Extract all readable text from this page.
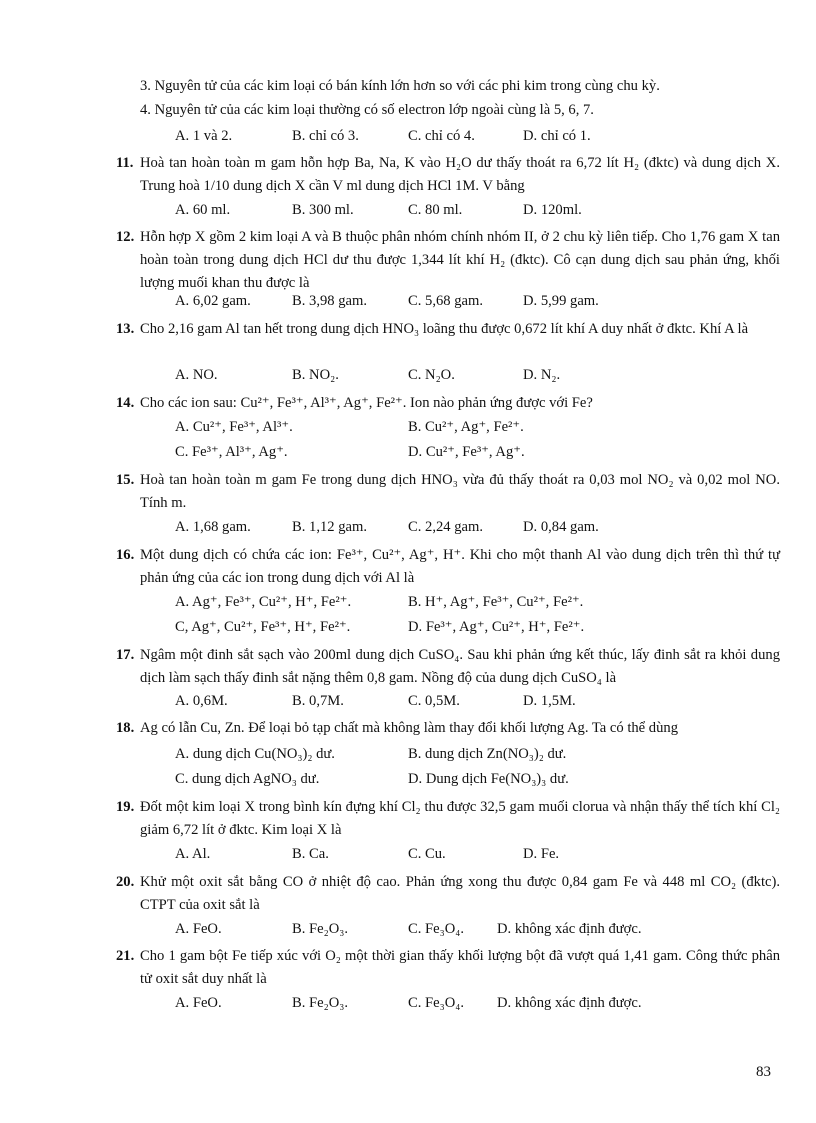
3. Nguyên tử của các kim loại có bán kính lớn hơn so với các phi kim trong cùng chu kỳ.
4. Nguyên tử của các kim loại thường có số electron lớp ngoài cùng là 5, 6, 7.
A. 1 và 2.	B. chỉ có 3.	C. chỉ có 4.	D. chỉ có 1.
11. Hoà tan hoàn toàn m gam hỗn hợp Ba, Na, K vào H₂O dư thấy thoát ra 6,72 lít H₂ (đktc) và dung dịch X. Trung hoà 1/10 dung dịch X cần V ml dung dịch HCl 1M. V bằng
A. 60 ml.	B. 300 ml.	C. 80 ml.	D. 120ml.
12. Hỗn hợp X gồm 2 kim loại A và B thuộc phân nhóm chính nhóm II, ở 2 chu kỳ liên tiếp. Cho 1,76 gam X tan hoàn toàn trong dung dịch HCl dư thu được 1,344 lít khí H₂ (đktc). Cô cạn dung dịch sau phản ứng, khối lượng muối khan thu được là
A. 6,02 gam.	B. 3,98 gam.	C. 5,68 gam.	D. 5,99 gam.
13. Cho 2,16 gam Al tan hết trong dung dịch HNO₃ loãng thu được 0,672 lít khí A duy nhất ở đktc. Khí A là
A. NO.	B. NO₂.	C. N₂O.	D. N₂.
14. Cho các ion sau: Cu²⁺, Fe³⁺, Al³⁺, Ag⁺, Fe²⁺. Ion nào phản ứng được với Fe?
A. Cu²⁺, Fe³⁺, Al³⁺.	B. Cu²⁺, Ag⁺, Fe²⁺.
C. Fe³⁺, Al³⁺, Ag⁺.	D. Cu²⁺, Fe³⁺, Ag⁺.
15. Hoà tan hoàn toàn m gam Fe trong dung dịch HNO₃ vừa đủ thấy thoát ra 0,03 mol NO₂ và 0,02 mol NO. Tính m.
A. 1,68 gam.	B. 1,12 gam.	C. 2,24 gam.	D. 0,84 gam.
16. Một dung dịch có chứa các ion: Fe³⁺, Cu²⁺, Ag⁺, H⁺. Khi cho một thanh Al vào dung dịch trên thì thứ tự phản ứng của các ion trong dung dịch với Al là
A. Ag⁺, Fe³⁺, Cu²⁺, H⁺, Fe²⁺.	B. H⁺, Ag⁺, Fe³⁺, Cu²⁺, Fe²⁺.
C, Ag⁺, Cu²⁺, Fe³⁺, H⁺, Fe²⁺.	D. Fe³⁺, Ag⁺, Cu²⁺, H⁺, Fe²⁺.
17. Ngâm một đinh sắt sạch vào 200ml dung dịch CuSO₄. Sau khi phản ứng kết thúc, lấy đinh sắt ra khỏi dung dịch làm sạch thấy đinh sắt nặng thêm 0,8 gam. Nồng độ của dung dịch CuSO₄ là
A. 0,6M.	B. 0,7M.	C. 0,5M.	D. 1,5M.
18. Ag có lẫn Cu, Zn. Để loại bỏ tạp chất mà không làm thay đổi khối lượng Ag. Ta có thể dùng
A. dung dịch Cu(NO₃)₂ dư.	B. dung dịch Zn(NO₃)₂ dư.
C. dung dịch AgNO₃ dư.	D. Dung dịch Fe(NO₃)₃ dư.
19. Đốt một kim loại X trong bình kín đựng khí Cl₂ thu được 32,5 gam muối clorua và nhận thấy thể tích khí Cl₂ giảm 6,72 lít ở đktc. Kim loại X là
A. Al.	B. Ca.	C. Cu.	D. Fe.
20. Khử một oxit sắt bằng CO ở nhiệt độ cao. Phản ứng xong thu được 0,84 gam Fe và 448 ml CO₂ (đktc). CTPT của oxit sắt là
A. FeO.	B. Fe₂O₃.	C. Fe₃O₄. D. không xác định được.
21. Cho 1 gam bột Fe tiếp xúc với O₂ một thời gian thấy khối lượng bột đã vượt quá 1,41 gam. Công thức phân tử oxit sắt duy nhất là
A. FeO.	B. Fe₂O₃.	C. Fe₃O₄. D. không xác định được.
83
